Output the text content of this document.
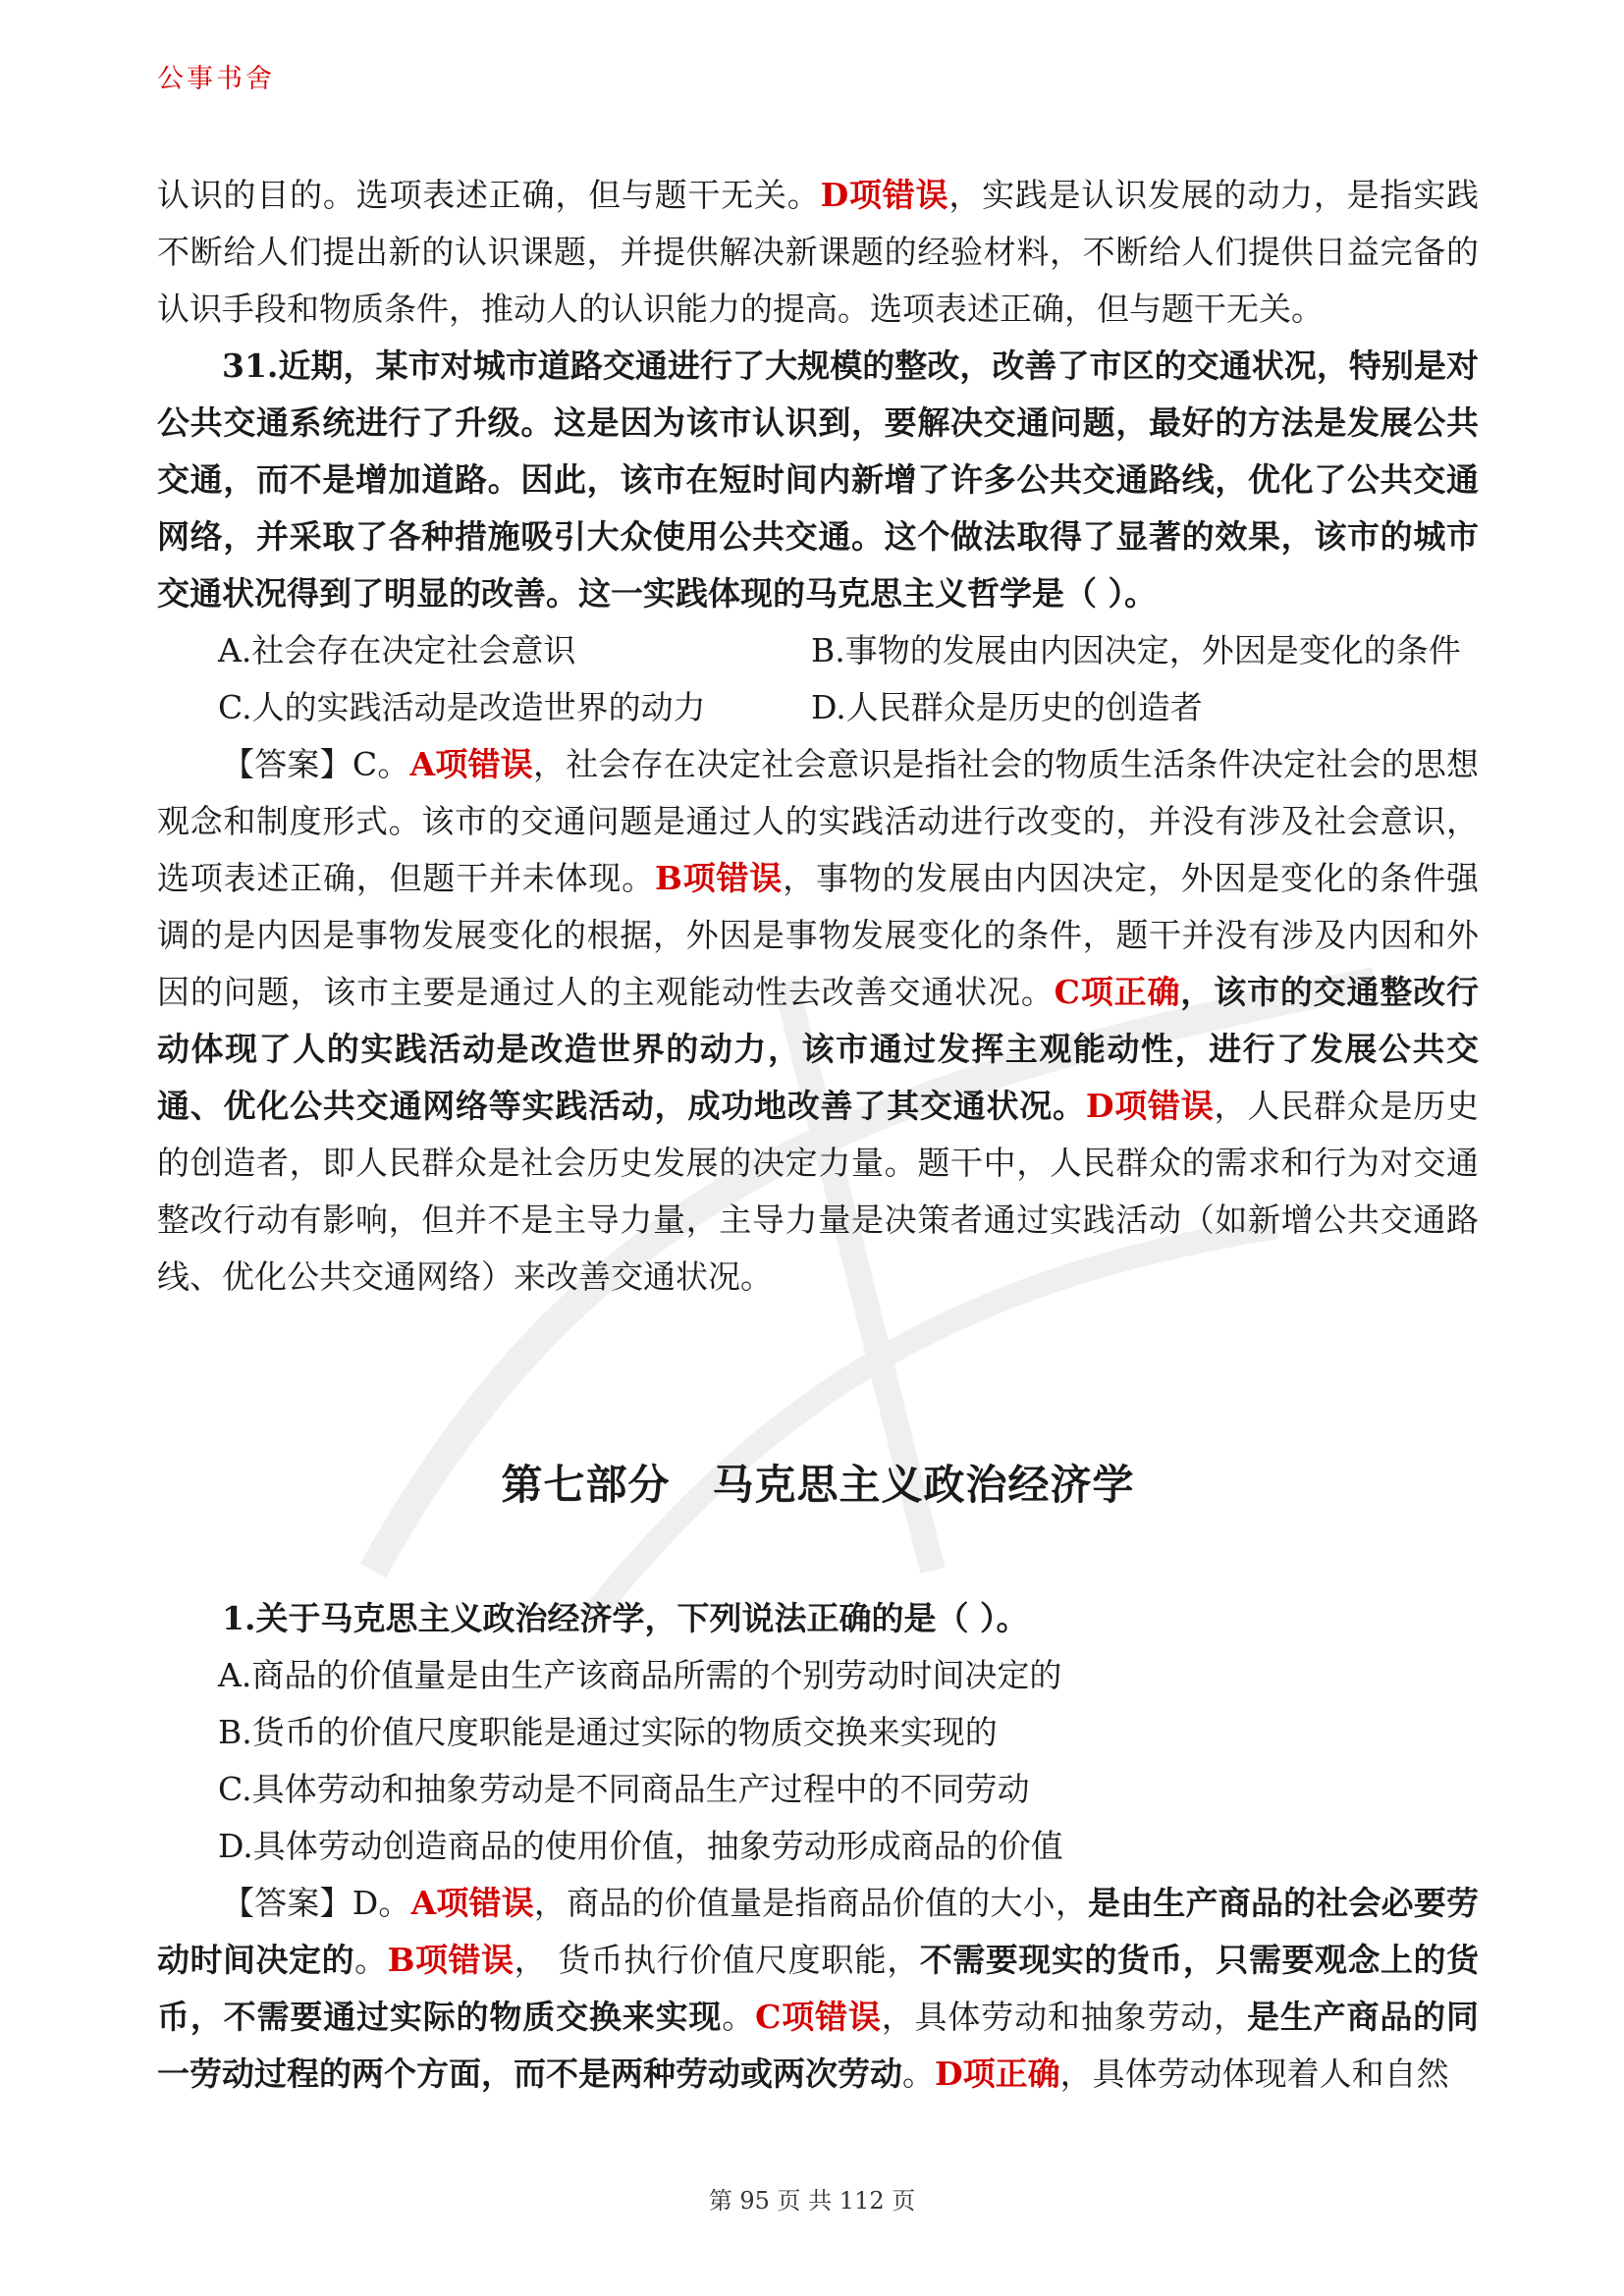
公事书舍

认识的目的。选项表述正确，但与题干无关。D项错误，实践是认识发展的动力，是指实践不断给人们提出新的认识课题，并提供解决新课题的经验材料，不断给人们提供日益完备的认识手段和物质条件，推动人的认识能力的提高。选项表述正确，但与题干无关。

31.近期，某市对城市道路交通进行了大规模的整改，改善了市区的交通状况，特别是对公共交通系统进行了升级。这是因为该市认识到，要解决交通问题，最好的方法是发展公共交通，而不是增加道路。因此，该市在短时间内新增了许多公共交通路线，优化了公共交通网络，并采取了各种措施吸引大众使用公共交通。这个做法取得了显著的效果，该市的城市交通状况得到了明显的改善。这一实践体现的马克思主义哲学是（ ）。

A.社会存在决定社会意识	B.事物的发展由内因决定，外因是变化的条件
C.人的实践活动是改造世界的动力	D.人民群众是历史的创造者

【答案】C。A项错误，社会存在决定社会意识是指社会的物质生活条件决定社会的思想观念和制度形式。该市的交通问题是通过人的实践活动进行改变的，并没有涉及社会意识，选项表述正确，但题干并未体现。B项错误，事物的发展由内因决定，外因是变化的条件强调的是内因是事物发展变化的根据，外因是事物发展变化的条件，题干并没有涉及内因和外因的问题，该市主要是通过人的主观能动性去改善交通状况。C项正确，该市的交通整改行动体现了人的实践活动是改造世界的动力，该市通过发挥主观能动性，进行了发展公共交通、优化公共交通网络等实践活动，成功地改善了其交通状况。D项错误，人民群众是历史的创造者，即人民群众是社会历史发展的决定力量。题干中，人民群众的需求和行为对交通整改行动有影响，但并不是主导力量，主导力量是决策者通过实践活动（如新增公共交通路线、优化公共交通网络）来改善交通状况。

第七部分　马克思主义政治经济学

1.关于马克思主义政治经济学，下列说法正确的是（ ）。

A.商品的价值量是由生产该商品所需的个别劳动时间决定的
B.货币的价值尺度职能是通过实际的物质交换来实现的
C.具体劳动和抽象劳动是不同商品生产过程中的不同劳动
D.具体劳动创造商品的使用价值，抽象劳动形成商品的价值

【答案】D。A项错误，商品的价值量是指商品价值的大小，是由生产商品的社会必要劳动时间决定的。B项错误， 货币执行价值尺度职能，不需要现实的货币，只需要观念上的货币，不需要通过实际的物质交换来实现。C项错误，具体劳动和抽象劳动，是生产商品的同一劳动过程的两个方面，而不是两种劳动或两次劳动。D项正确，具体劳动体现着人和自然

第 95 页 共 112 页
